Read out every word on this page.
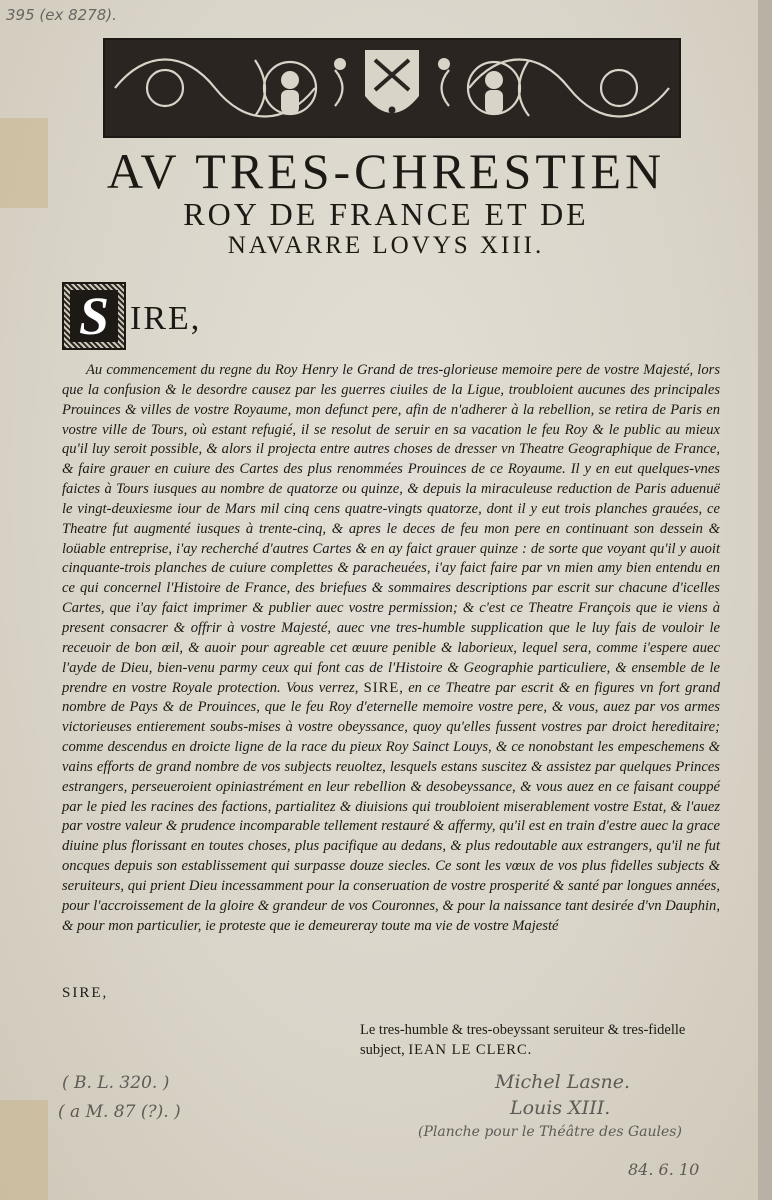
395 (ex 8278).
AV TRES-CHRESTIEN
ROY DE FRANCE ET DE
NAVARRE LOVYS XIII.
S IRE,

Au commencement du regne du Roy Henry le Grand de tres-glorieuse memoire pere de vostre Majesté, lors que la confusion & le desordre causez par les guerres ciuiles de la Ligue, troubloient aucunes des principales Prouinces & villes de vostre Royaume, mon defunct pere, afin de n'adherer à la rebellion, se retira de Paris en vostre ville de Tours, où estant refugié, il se resolut de seruir en sa vacation le feu Roy & le public au mieux qu'il luy seroit possible, & alors il projecta entre autres choses de dresser vn Theatre Geographique de France, & faire grauer en cuiure des Cartes des plus renommées Prouinces de ce Royaume. Il y en eut quelques-vnes faictes à Tours iusques au nombre de quatorze ou quinze, & depuis la miraculeuse reduction de Paris aduenuë le vingt-deuxiesme iour de Mars mil cinq cens quatre-vingts quatorze, dont il y eut trois planches grauées, ce Theatre fut augmenté iusques à trente-cinq, & apres le deces de feu mon pere en continuant son dessein & loüable entreprise, i'ay recherché d'autres Cartes & en ay faict grauer quinze : de sorte que voyant qu'il y auoit cinquante-trois planches de cuiure complettes & paracheuées, i'ay faict faire par vn mien amy bien entendu en ce qui concernel l'Histoire de France, des briefues & sommaires descriptions par escrit sur chacune d'icelles Cartes, que i'ay faict imprimer & publier auec vostre permission; & c'est ce Theatre François que ie viens à present consacrer & offrir à vostre Majesté, auec vne tres-humble supplication que le luy fais de vouloir le receuoir de bon œil, & auoir pour agreable cet œuure penible & laborieux, lequel sera, comme i'espere auec l'ayde de Dieu, bien-venu parmy ceux qui font cas de l'Histoire & Geographie particuliere, & ensemble de le prendre en vostre Royale protection. Vous verrez, SIRE, en ce Theatre par escrit & en figures vn fort grand nombre de Pays & de Prouinces, que le feu Roy d'eternelle memoire vostre pere, & vous, auez par vos armes victorieuses entierement soubs-mises à vostre obeyssance, quoy qu'elles fussent vostres par droict hereditaire; comme descendus en droicte ligne de la race du pieux Roy Sainct Louys, & ce nonobstant les empeschemens & vains efforts de grand nombre de vos subjects reuoltez, lesquels estans suscitez & assistez par quelques Princes estrangers, perseueroient opiniastrément en leur rebellion & desobeyssance, & vous auez en ce faisant couppé par le pied les racines des factions, partialitez & diuisions qui troubloient miserablement vostre Estat, & l'auez par vostre valeur & prudence incomparable tellement restauré & affermy, qu'il est en train d'estre auec la grace diuine plus florissant en toutes choses, plus pacifique au dedans, & plus redoutable aux estrangers, qu'il ne fut oncques depuis son establissement qui surpasse douze siecles. Ce sont les vœux de vos plus fidelles subjects & seruiteurs, qui prient Dieu incessamment pour la conseruation de vostre prosperité & santé par longues années, pour l'accroissement de la gloire & grandeur de vos Couronnes, & pour la naissance tant desirée d'vn Dauphin, & pour mon particulier, ie proteste que ie demeureray toute ma vie de vostre Majesté

SIRE,

Le tres-humble & tres-obeyssant seruiteur & tres-fidelle
subject, IEAN LE CLERC.

( B. L. 320. )
( a M. 87 (?). )
Michel Lasne.
Louis XIII.
(Planche pour le Théâtre des Gaules)
84. 6. 10
